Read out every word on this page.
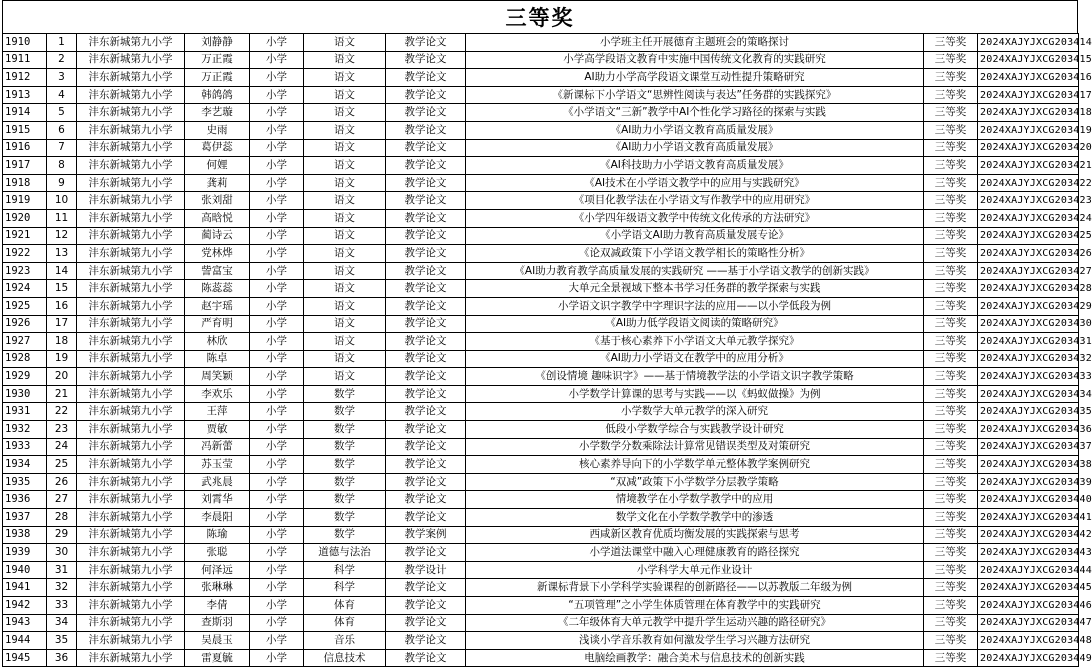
三等奖
1910	1	沣东新城第九小学	刘静静	小学	语文	教学论文	小学班主任开展德育主题班会的策略探讨	三等奖	2024XAJYJXCG203414
1911	2	沣东新城第九小学	万正霞	小学	语文	教学论文	小学高学段语文教育中实施中国传统文化教育的实践研究	三等奖	2024XAJYJXCG203415
1912	3	沣东新城第九小学	万正霞	小学	语文	教学论文	AI助力小学高学段语文课堂互动性提升策略研究	三等奖	2024XAJYJXCG203416
1913	4	沣东新城第九小学	韩鸽鸽	小学	语文	教学论文	《新课标下小学语文“思辨性阅读与表达”任务群的实践探究》	三等奖	2024XAJYJXCG203417
1914	5	沣东新城第九小学	李艺璇	小学	语文	教学论文	《小学语文“三新”教学中AI个性化学习路径的探索与实践	三等奖	2024XAJYJXCG203418
1915	6	沣东新城第九小学	史雨	小学	语文	教学论文	《AI助力小学语文教育高质量发展》	三等奖	2024XAJYJXCG203419
1916	7	沣东新城第九小学	葛伊蕊	小学	语文	教学论文	《AI助力小学语文教育高质量发展》	三等奖	2024XAJYJXCG203420
1917	8	沣东新城第九小学	何娌	小学	语文	教学论文	《AI科技助力小学语文教育高质量发展》	三等奖	2024XAJYJXCG203421
1918	9	沣东新城第九小学	龚莉	小学	语文	教学论文	《AI技术在小学语文教学中的应用与实践研究》	三等奖	2024XAJYJXCG203422
1919	10	沣东新城第九小学	张刘甜	小学	语文	教学论文	《项目化教学法在小学语文写作教学中的应用研究》	三等奖	2024XAJYJXCG203423
1920	11	沣东新城第九小学	高晗悦	小学	语文	教学论文	《小学四年级语文教学中传统文化传承的方法研究》	三等奖	2024XAJYJXCG203424
1921	12	沣东新城第九小学	蔺诗云	小学	语文	教学论文	《小学语文AI助力教育高质量发展专论》	三等奖	2024XAJYJXCG203425
1922	13	沣东新城第九小学	党林烨	小学	语文	教学论文	《论双减政策下小学语文教学相长的策略性分析》	三等奖	2024XAJYJXCG203426
1923	14	沣东新城第九小学	訾富宝	小学	语文	教学论文	《AI助力教育教学高质量发展的实践研究 ——基于小学语文教学的创新实践》	三等奖	2024XAJYJXCG203427
1924	15	沣东新城第九小学	陈蕊蕊	小学	语文	教学论文	大单元全景视域下整本书学习任务群的教学探索与实践	三等奖	2024XAJYJXCG203428
1925	16	沣东新城第九小学	赵宇瑶	小学	语文	教学论文	小学语文识字教学中字理识字法的应用——以小学低段为例	三等奖	2024XAJYJXCG203429
1926	17	沣东新城第九小学	严育明	小学	语文	教学论文	《AI助力低学段语文阅读的策略研究》	三等奖	2024XAJYJXCG203430
1927	18	沣东新城第九小学	林欣	小学	语文	教学论文	《基于核心素养下小学语文大单元教学探究》	三等奖	2024XAJYJXCG203431
1928	19	沣东新城第九小学	陈卓	小学	语文	教学论文	《AI助力小学语文在教学中的应用分析》	三等奖	2024XAJYJXCG203432
1929	20	沣东新城第九小学	周笑颖	小学	语文	教学论文	《创设情境 趣味识字》——基于情境教学法的小学语文识字教学策略	三等奖	2024XAJYJXCG203433
1930	21	沣东新城第九小学	李欢乐	小学	数学	教学论文	小学数学计算课的思考与实践——以《蚂蚁做操》为例	三等奖	2024XAJYJXCG203434
1931	22	沣东新城第九小学	王萍	小学	数学	教学论文	小学数学大单元教学的深入研究	三等奖	2024XAJYJXCG203435
1932	23	沣东新城第九小学	贾敏	小学	数学	教学论文	低段小学数学综合与实践教学设计研究	三等奖	2024XAJYJXCG203436
1933	24	沣东新城第九小学	冯新蕾	小学	数学	教学论文	小学数学分数乘除法计算常见错误类型及对策研究	三等奖	2024XAJYJXCG203437
1934	25	沣东新城第九小学	苏玉莹	小学	数学	教学论文	核心素养导向下的小学数学单元整体教学案例研究	三等奖	2024XAJYJXCG203438
1935	26	沣东新城第九小学	武兆晨	小学	数学	教学论文	“双减”政策下小学数学分层教学策略	三等奖	2024XAJYJXCG203439
1936	27	沣东新城第九小学	刘霄华	小学	数学	教学论文	情境教学在小学数学教学中的应用	三等奖	2024XAJYJXCG203440
1937	28	沣东新城第九小学	李晨阳	小学	数学	教学论文	数学文化在小学数学教学中的渗透	三等奖	2024XAJYJXCG203441
1938	29	沣东新城第九小学	陈瑜	小学	数学	教学案例	西咸新区教育优质均衡发展的实践探索与思考	三等奖	2024XAJYJXCG203442
1939	30	沣东新城第九小学	张聪	小学	道德与法治	教学论文	小学道法课堂中融入心理健康教育的路径探究	三等奖	2024XAJYJXCG203443
1940	31	沣东新城第九小学	何泽远	小学	科学	教学设计	小学科学大单元作业设计	三等奖	2024XAJYJXCG203444
1941	32	沣东新城第九小学	张琳琳	小学	科学	教学论文	新课标背景下小学科学实验课程的创新路径——以苏教版二年级为例	三等奖	2024XAJYJXCG203445
1942	33	沣东新城第九小学	李倩	小学	体育	教学论文	“五项管理”之小学生体质管理在体育教学中的实践研究	三等奖	2024XAJYJXCG203446
1943	34	沣东新城第九小学	查斯羽	小学	体育	教学论文	《二年级体育大单元教学中提升学生运动兴趣的路径研究》	三等奖	2024XAJYJXCG203447
1944	35	沣东新城第九小学	吴晨玉	小学	音乐	教学论文	浅谈小学音乐教育如何激发学生学习兴趣方法研究	三等奖	2024XAJYJXCG203448
1945	36	沣东新城第九小学	雷夏毓	小学	信息技术	教学论文	电脑绘画教学：融合美术与信息技术的创新实践	三等奖	2024XAJYJXCG203449
